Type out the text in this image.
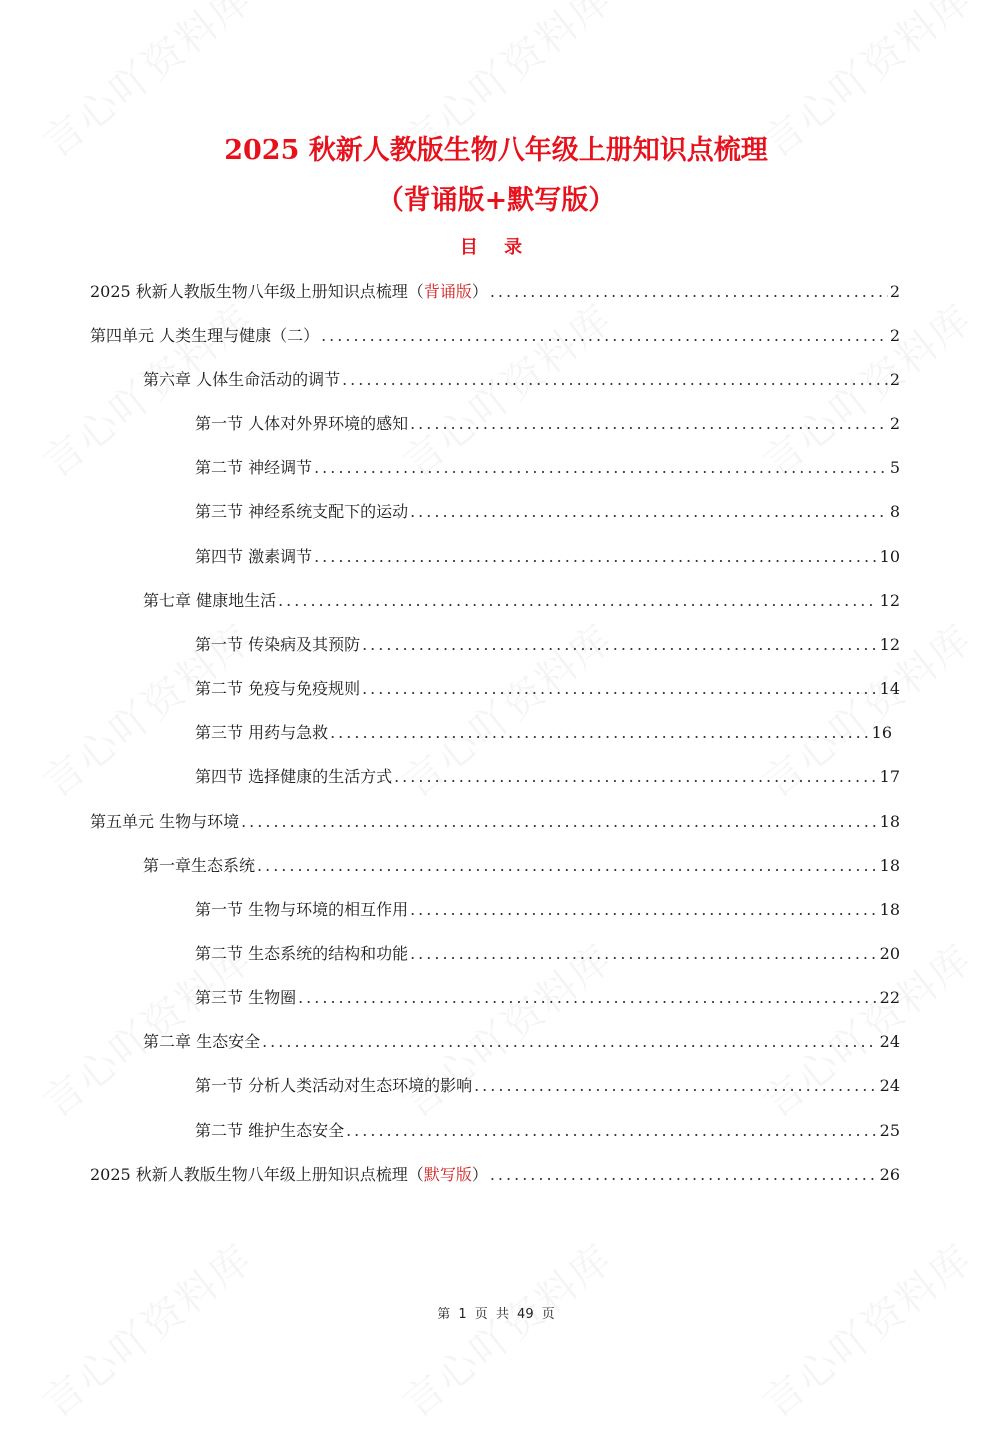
2025 秋新人教版生物八年级上册知识点梳理
（背诵版+默写版）
目 录
2025 秋新人教版生物八年级上册知识点梳理（背诵版） .....	2
第四单元 人类生理与健康（二） .....	2
第六章 人体生命活动的调节 .....	2
第一节 人体对外界环境的感知 .....	2
第二节 神经调节 .....	5
第三节 神经系统支配下的运动 .....	8
第四节 激素调节 .....	10
第七章 健康地生活 .....	12
第一节 传染病及其预防 .....	12
第二节 免疫与免疫规则 .....	14
第三节 用药与急救 .....	16
第四节 选择健康的生活方式 .....	17
第五单元 生物与环境 .....	18
第一章生态系统 .....	18
第一节 生物与环境的相互作用 .....	18
第二节 生态系统的结构和功能 .....	20
第三节 生物圈 .....	22
第二章 生态安全 .....	24
第一节 分析人类活动对生态环境的影响 .....	24
第二节 维护生态安全 .....	25
2025 秋新人教版生物八年级上册知识点梳理（默写版） .....	26
第 1 页 共 49 页
